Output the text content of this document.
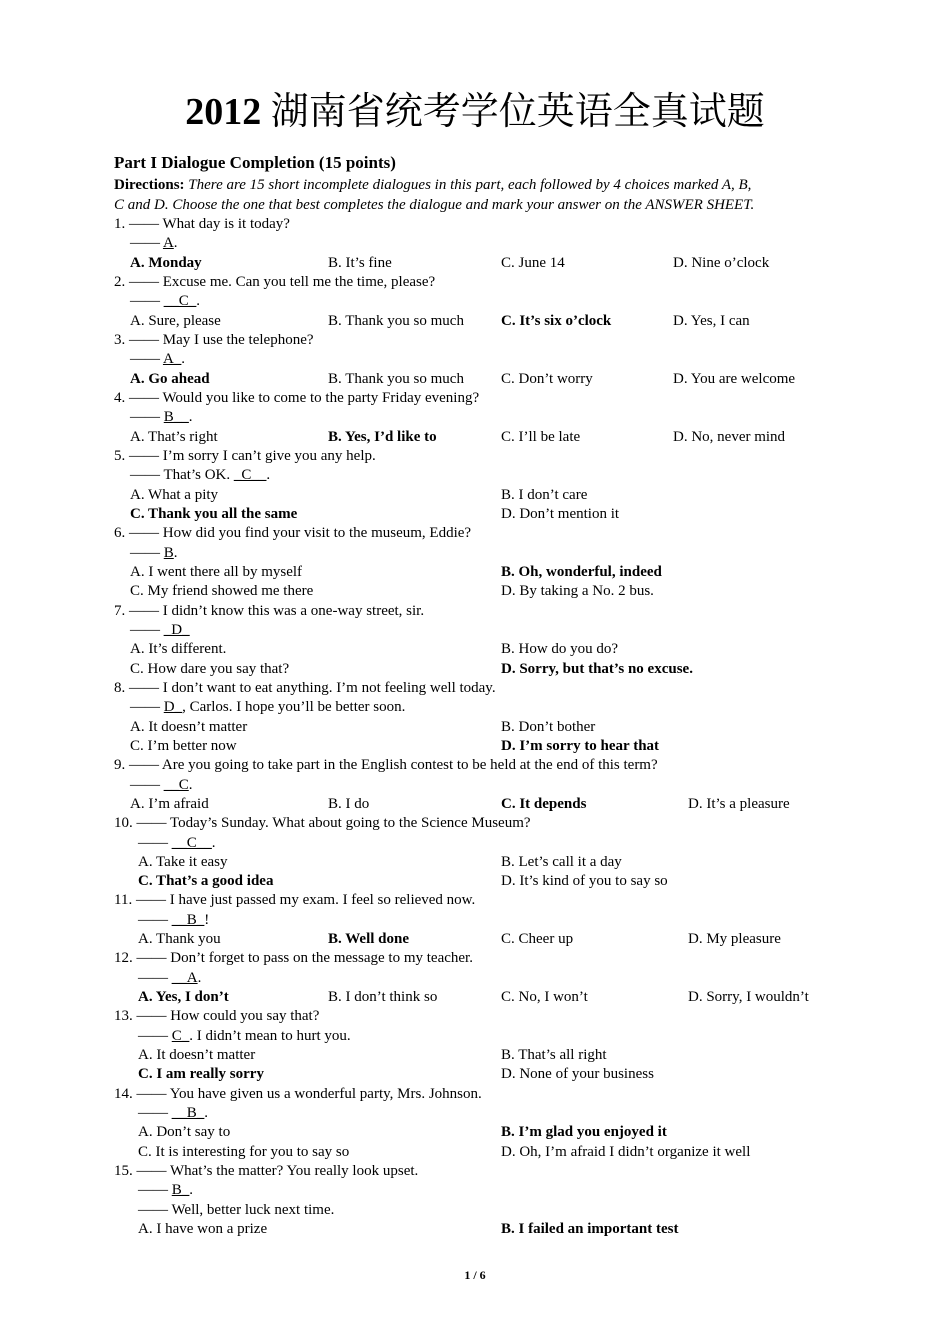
2012 湖南省统考学位英语全真试题
Part I Dialogue Completion (15 points)
Directions: There are 15 short incomplete dialogues in this part, each followed by 4 choices marked A, B,
C and D. Choose the one that best completes the dialogue and mark your answer on the ANSWER SHEET.
1. —— What day is it today?
—— A.
A. Monday	B. It’s fine	C. June 14	D. Nine o’clock
2. —— Excuse me. Can you tell me the time, please?
—— __C_.
A. Sure, please	B. Thank you so much C. It’s six o’clock	D. Yes, I can
3. —— May I use the telephone?
—— A_.
A. Go ahead	B. Thank you so much C. Don’t worry	D. You are welcome
4. —— Would you like to come to the party Friday evening?
—— B__.
A. That’s right	B. Yes, I’d like to	C. I’ll be late	D. No, never mind
5. —— I’m sorry I can’t give you any help.
—— That’s OK. _C__.
A. What a pity	B. I don’t care
C. Thank you all the same	D. Don’t mention it
6. —— How did you find your visit to the museum, Eddie?
—— B.
A. I went there all by myself	B. Oh, wonderful, indeed
C. My friend showed me there	D. By taking a No. 2 bus.
7. —— I didn’t know this was a one-way street, sir.
—— _D_
A. It’s different.	B. How do you do?
C. How dare you say that?	D. Sorry, but that’s no excuse.
8. —— I don’t want to eat anything. I’m not feeling well today.
—— D_, Carlos. I hope you’ll be better soon.
A. It doesn’t matter	B. Don’t bother
C. I’m better now	D. I’m sorry to hear that
9. —— Are you going to take part in the English contest to be held at the end of this term?
—— __C.
A. I’m afraid	B. I do	C. It depends	D. It’s a pleasure
10. —— Today’s Sunday. What about going to the Science Museum?
—— __C__.
A. Take it easy	B. Let’s call it a day
C. That’s a good idea	D. It’s kind of you to say so
11. —— I have just passed my exam. I feel so relieved now.
—— __B_!
A. Thank you	B. Well done	C. Cheer up	D. My pleasure
12. —— Don’t forget to pass on the message to my teacher.
—— __A.
A. Yes, I don’t	B. I don’t think so	C. No, I won’t	D. Sorry, I wouldn’t
13. —— How could you say that?
—— C_. I didn’t mean to hurt you.
A. It doesn’t matter	B. That’s all right
C. I am really sorry	D. None of your business
14. —— You have given us a wonderful party, Mrs. Johnson.
—— __B_.
A. Don’t say to	B. I’m glad you enjoyed it
C. It is interesting for you to say so	D. Oh, I’m afraid I didn’t organize it well
15. —— What’s the matter? You really look upset.
—— B_.
—— Well, better luck next time.
A. I have won a prize	B. I failed an important test
1 / 6
